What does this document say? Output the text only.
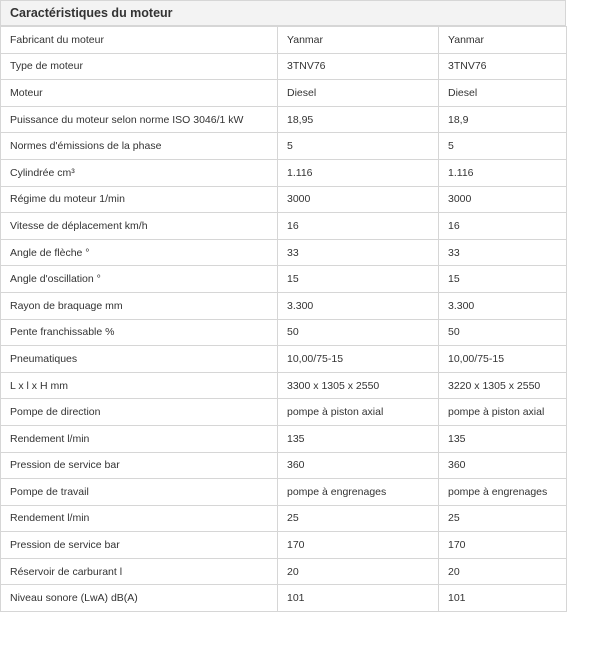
Caractéristiques du moteur
Fabricant du moteur	Yanmar	Yanmar
Type de moteur	3TNV76	3TNV76
Moteur	Diesel	Diesel
Puissance du moteur selon norme ISO 3046/1 kW	18,95	18,9
Normes d'émissions de la phase	5	5
Cylindrée cm³	1.116	1.116
Régime du moteur 1/min	3000	3000
Vitesse de déplacement km/h	16	16
Angle de flèche °	33	33
Angle d'oscillation °	15	15
Rayon de braquage mm	3.300	3.300
Pente franchissable %	50	50
Pneumatiques	10,00/75-15	10,00/75-15
L x l x H mm	3300 x 1305 x 2550	3220 x 1305 x 2550
Pompe de direction	pompe à piston axial	pompe à piston axial
Rendement l/min	135	135
Pression de service bar	360	360
Pompe de travail	pompe à engrenages	pompe à engrenages
Rendement l/min	25	25
Pression de service bar	170	170
Réservoir de carburant l	20	20
Niveau sonore (LwA) dB(A)	101	101
